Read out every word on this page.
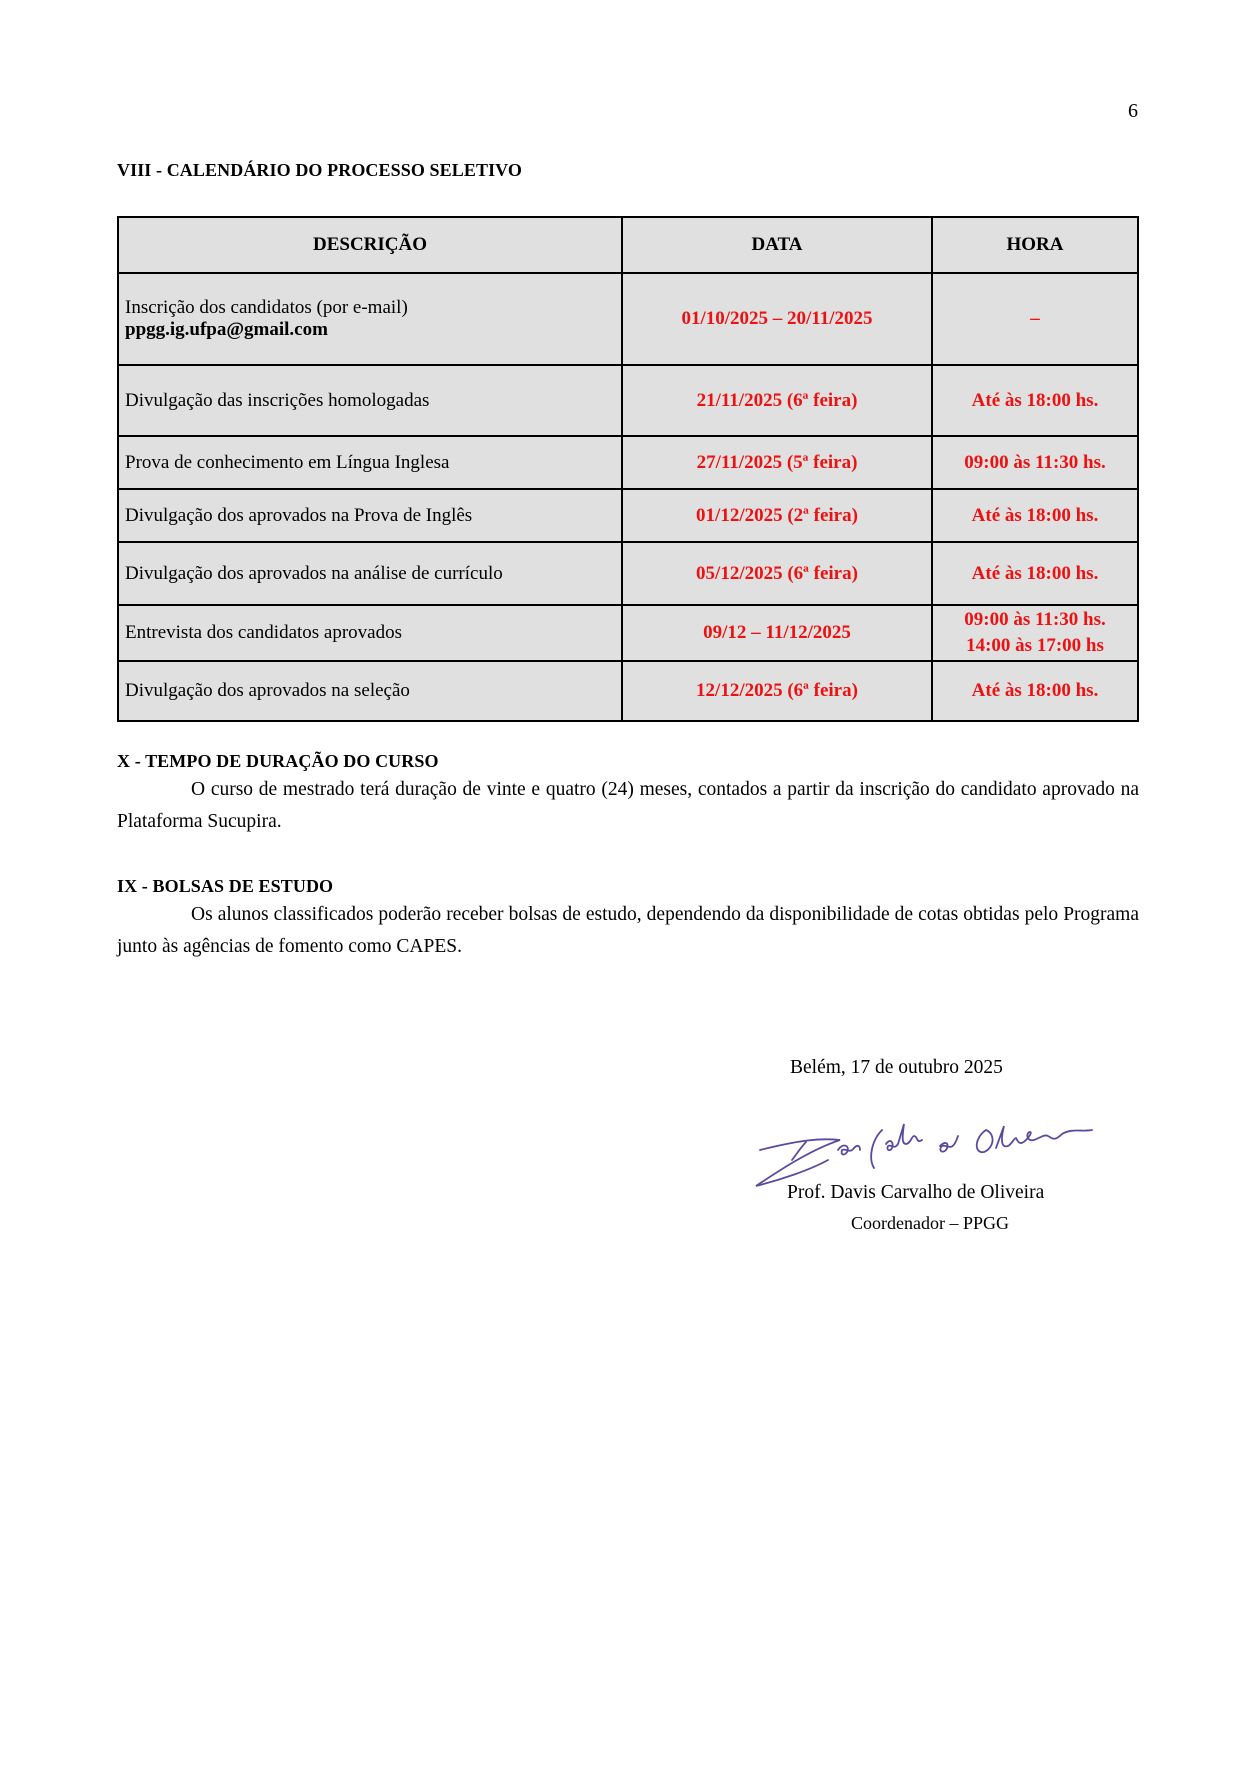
6
VIII - CALENDÁRIO DO PROCESSO SELETIVO
DESCRIÇÃO	DATA	HORA

Inscrição dos candidatos (por e-mail)
ppgg.ig.ufpa@gmail.com	01/10/2025 – 20/11/2025	–
Divulgação das inscrições homologadas	21/11/2025 (6ª feira)	Até às 18:00 hs.
Prova de conhecimento em Língua Inglesa	27/11/2025 (5ª feira)	09:00 às 11:30 hs.
Divulgação dos aprovados na Prova de Inglês	01/12/2025 (2ª feira)	Até às 18:00 hs.
Divulgação dos aprovados na análise de currículo	05/12/2025 (6ª feira)	Até às 18:00 hs.
Entrevista dos candidatos aprovados	09/12 – 11/12/2025	09:00 às 11:30 hs.
14:00 às 17:00 hs

Divulgação dos aprovados na seleção	12/12/2025 (6ª feira)	Até às 18:00 hs.
X - TEMPO DE DURAÇÃO DO CURSO
O curso de mestrado terá duração de vinte e quatro (24) meses, contados a partir da inscrição do candidato aprovado na Plataforma Sucupira.
IX - BOLSAS DE ESTUDO
Os alunos classificados poderão receber bolsas de estudo, dependendo da disponibilidade de cotas obtidas pelo Programa junto às agências de fomento como CAPES.
Belém, 17 de outubro 2025
Prof. Davis Carvalho de Oliveira
Coordenador – PPGG
